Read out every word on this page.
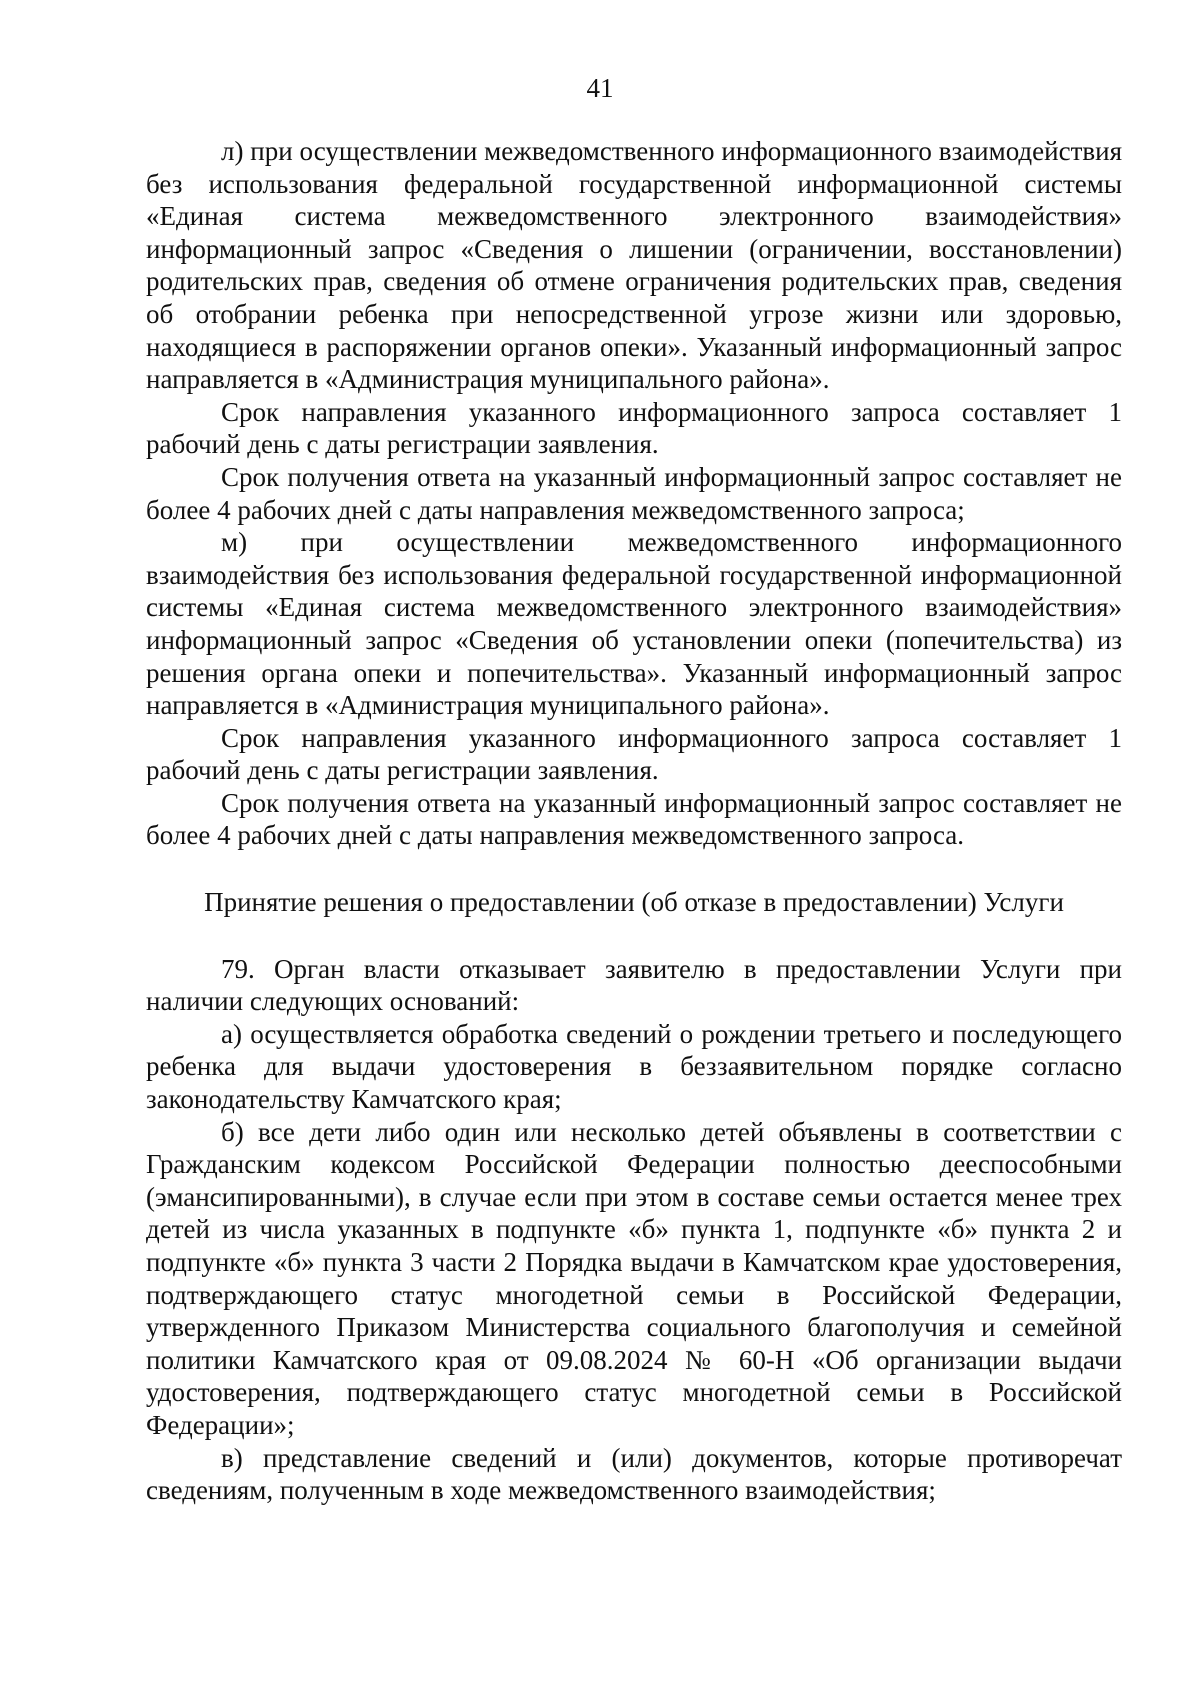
41

л) при осуществлении межведомственного информационного взаимодействия без использования федеральной государственной информационной системы «Единая система межведомственного электронного взаимодействия» информационный запрос «Сведения о лишении (ограничении, восстановлении) родительских прав, сведения об отмене ограничения родительских прав, сведения об отобрании ребенка при непосредственной угрозе жизни или здоровью, находящиеся в распоряжении органов опеки». Указанный информационный запрос направляется в «Администрация муниципального района».

Срок направления указанного информационного запроса составляет 1 рабочий день с даты регистрации заявления.

Срок получения ответа на указанный информационный запрос составляет не более 4 рабочих дней с даты направления межведомственного запроса;

м) при осуществлении межведомственного информационного взаимодействия без использования федеральной государственной информационной системы «Единая система межведомственного электронного взаимодействия» информационный запрос «Сведения об установлении опеки (попечительства) из решения органа опеки и попечительства». Указанный информационный запрос направляется в «Администрация муниципального района».

Срок направления указанного информационного запроса составляет 1 рабочий день с даты регистрации заявления.

Срок получения ответа на указанный информационный запрос составляет не более 4 рабочих дней с даты направления межведомственного запроса.

Принятие решения о предоставлении (об отказе в предоставлении) Услуги

79. Орган власти отказывает заявителю в предоставлении Услуги при наличии следующих оснований:

а) осуществляется обработка сведений о рождении третьего и последующего ребенка для выдачи удостоверения в беззаявительном порядке согласно законодательству Камчатского края;

б) все дети либо один или несколько детей объявлены в соответствии с Гражданским кодексом Российской Федерации полностью дееспособными (эмансипированными), в случае если при этом в составе семьи остается менее трех детей из числа указанных в подпункте «б» пункта 1, подпункте «б» пункта 2 и подпункте «б» пункта 3 части 2 Порядка выдачи в Камчатском крае удостоверения, подтверждающего статус многодетной семьи в Российской Федерации, утвержденного Приказом Министерства социального благополучия и семейной политики Камчатского края от 09.08.2024 № 60-Н «Об организации выдачи удостоверения, подтверждающего статус многодетной семьи в Российской Федерации»;

в) представление сведений и (или) документов, которые противоречат сведениям, полученным в ходе межведомственного взаимодействия;
